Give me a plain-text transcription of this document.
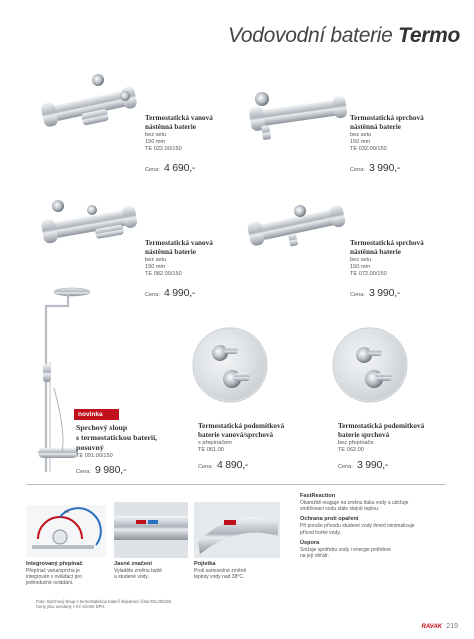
Vodovodní baterie Termo
Termostatická vanová
nástěnná baterie
bez setu
150 mm
TE 022.00/150
Cena: 4 690,-
Termostatická sprchová
nástěnná baterie
bez setu
150 mm
TE 032.00/150
Cena: 3 990,-
Termostatická vanová
nástěnná baterie
bez setu
150 mm
TE 082.00/150
Cena: 4 990,-
Termostatická sprchová
nástěnná baterie
bez setu
150 mm
TE 072.00/150
Cena: 3 990,-
novinka
Sprchový sloup
s termostatickou baterií,
posuvný
TE 091.00/150
Cena: 9 980,-
Termostatická podomítková
baterie vanová/sprchová
s přepínačem
TE 061.00
Cena: 4 890,-
Termostatická podomítková
baterie sprchová
bez přepínače
TE 062.00
Cena: 3 990,-
Off
Integrovaný přepínač
Přepínač vana/sprcha je
integrován v ovládací pro
jednoduché ovládání.
Jasné značení
Vyladěte změnu teplé
a studené vody.
Pojistka
Proti samovolné změně
teploty vody nad 38°C.
FastReaction
Okamžitě reaguje na změnu tlaku vody a udržuje
směšovací vodu stále stejně teplou.
Ochrana proti opaření
Při poruše přívodu studené vody ihned minimalizuje
přívod horké vody.
Úspora
Snižuje spotřebu vody i energie potřebné
na její ohřátí.
Foto: Sprchový sloup s termostatickou baterií objednací čísla 091.00/150.
Ceny jsou uvedeny v Kč včetně DPH.
RAVAK 219
